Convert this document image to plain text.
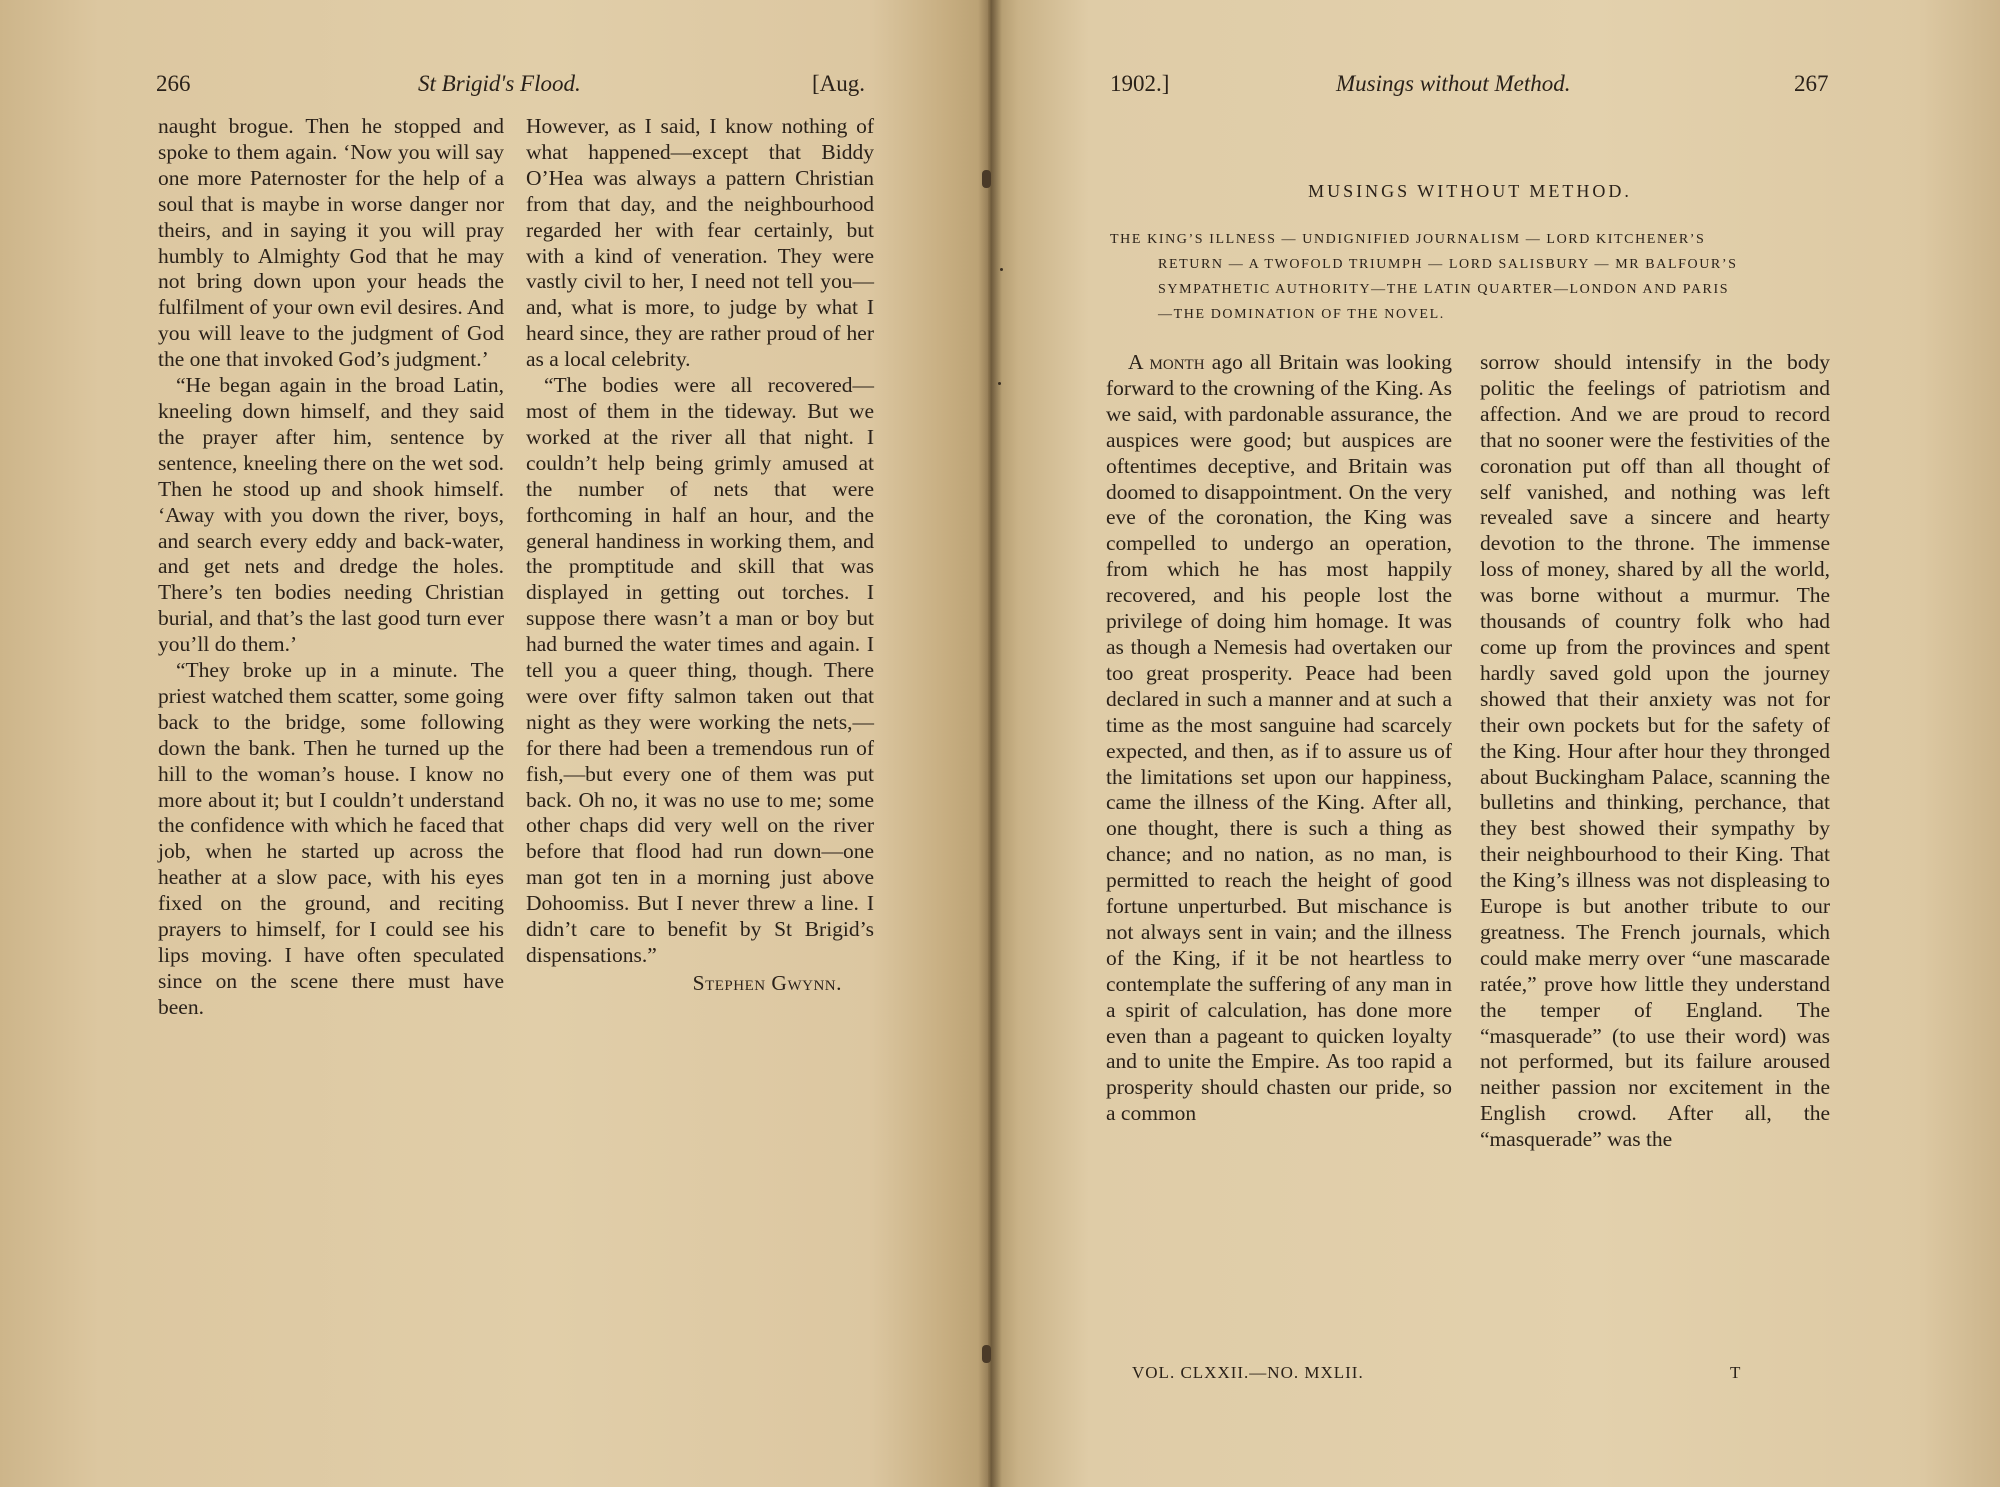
266	St Brigid's Flood.	[Aug.

naught brogue. Then he stopped and spoke to them again. ‘Now you will say one more Paternoster for the help of a soul that is maybe in worse danger nor theirs, and in saying it you will pray humbly to Almighty God that he may not bring down upon your heads the fulfilment of your own evil desires. And you will leave to the judgment of God the one that invoked God’s judgment.’

“He began again in the broad Latin, kneeling down himself, and they said the prayer after him, sentence by sentence, kneeling there on the wet sod. Then he stood up and shook himself. ‘Away with you down the river, boys, and search every eddy and back-water, and get nets and dredge the holes. There’s ten bodies needing Christian burial, and that’s the last good turn ever you’ll do them.’

“They broke up in a minute. The priest watched them scatter, some going back to the bridge, some following down the bank. Then he turned up the hill to the woman’s house. I know no more about it; but I couldn’t understand the confidence with which he faced that job, when he started up across the heather at a slow pace, with his eyes fixed on the ground, and reciting prayers to himself, for I could see his lips moving. I have often speculated since on the scene there must have been.

However, as I said, I know nothing of what happened—except that Biddy O’Hea was always a pattern Christian from that day, and the neighbourhood regarded her with fear certainly, but with a kind of veneration. They were vastly civil to her, I need not tell you—and, what is more, to judge by what I heard since, they are rather proud of her as a local celebrity.

“The bodies were all recovered—most of them in the tideway. But we worked at the river all that night. I couldn’t help being grimly amused at the number of nets that were forthcoming in half an hour, and the general handiness in working them, and the promptitude and skill that was displayed in getting out torches. I suppose there wasn’t a man or boy but had burned the water times and again. I tell you a queer thing, though. There were over fifty salmon taken out that night as they were working the nets,—for there had been a tremendous run of fish,—but every one of them was put back. Oh no, it was no use to me; some other chaps did very well on the river before that flood had run down—one man got ten in a morning just above Dohoomiss. But I never threw a line. I didn’t care to benefit by St Brigid’s dispensations.”

Stephen Gwynn.

1902.]	Musings without Method.	267
MUSINGS WITHOUT METHOD.
THE KING’S ILLNESS — UNDIGNIFIED JOURNALISM — LORD KITCHENER’S
RETURN — A TWOFOLD TRIUMPH — LORD SALISBURY — MR BALFOUR’S
SYMPATHETIC AUTHORITY—THE LATIN QUARTER—LONDON AND PARIS
—THE DOMINATION OF THE NOVEL.

A month ago all Britain was looking forward to the crowning of the King. As we said, with pardonable assurance, the auspices were good; but auspices are oftentimes deceptive, and Britain was doomed to disappointment. On the very eve of the coronation, the King was compelled to undergo an operation, from which he has most happily recovered, and his people lost the privilege of doing him homage. It was as though a Nemesis had overtaken our too great prosperity. Peace had been declared in such a manner and at such a time as the most sanguine had scarcely expected, and then, as if to assure us of the limitations set upon our happiness, came the illness of the King. After all, one thought, there is such a thing as chance; and no nation, as no man, is permitted to reach the height of good fortune unperturbed. But mischance is not always sent in vain; and the illness of the King, if it be not heartless to contemplate the suffering of any man in a spirit of calculation, has done more even than a pageant to quicken loyalty and to unite the Empire. As too rapid a prosperity should chasten our pride, so a common

sorrow should intensify in the body politic the feelings of patriotism and affection. And we are proud to record that no sooner were the festivities of the coronation put off than all thought of self vanished, and nothing was left revealed save a sincere and hearty devotion to the throne. The immense loss of money, shared by all the world, was borne without a murmur. The thousands of country folk who had come up from the provinces and spent hardly saved gold upon the journey showed that their anxiety was not for their own pockets but for the safety of the King. Hour after hour they thronged about Buckingham Palace, scanning the bulletins and thinking, perchance, that they best showed their sympathy by their neighbourhood to their King. That the King’s illness was not displeasing to Europe is but another tribute to our greatness. The French journals, which could make merry over “une mascarade ratée,” prove how little they understand the temper of England. The “masquerade” (to use their word) was not performed, but its failure aroused neither passion nor excitement in the English crowd. After all, the “masquerade” was the

VOL. CLXXII.—NO. MXLII.	T
